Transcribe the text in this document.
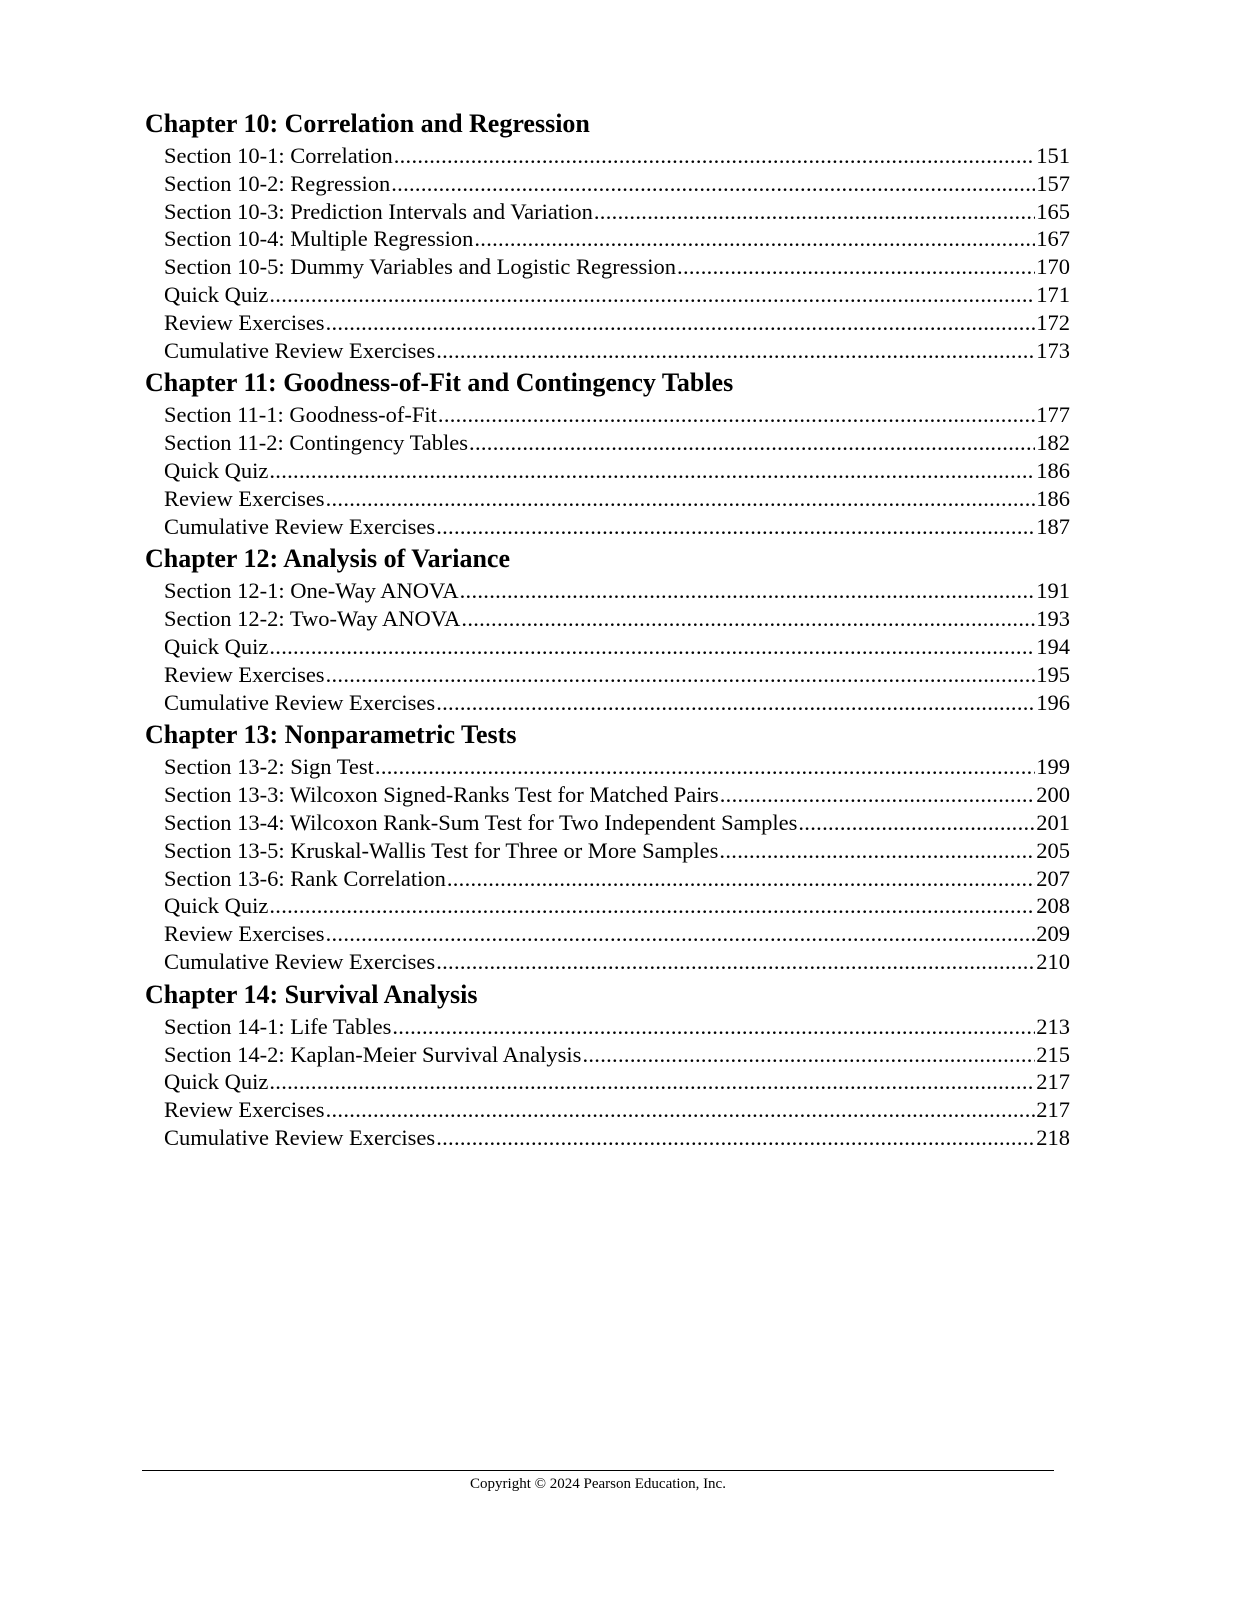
Chapter 10: Correlation and Regression
Section 10-1: Correlation .....	151
Section 10-2: Regression .....	157
Section 10-3: Prediction Intervals and Variation .....	165
Section 10-4: Multiple Regression .....	167
Section 10-5: Dummy Variables and Logistic Regression .....	170
Quick Quiz .....	171
Review Exercises .....	172
Cumulative Review Exercises .....	173
Chapter 11: Goodness-of-Fit and Contingency Tables
Section 11-1: Goodness-of-Fit .....	177
Section 11-2: Contingency Tables .....	182
Quick Quiz .....	186
Review Exercises .....	186
Cumulative Review Exercises .....	187
Chapter 12: Analysis of Variance
Section 12-1: One-Way ANOVA .....	191
Section 12-2: Two-Way ANOVA .....	193
Quick Quiz .....	194
Review Exercises .....	195
Cumulative Review Exercises .....	196
Chapter 13: Nonparametric Tests
Section 13-2: Sign Test .....	199
Section 13-3: Wilcoxon Signed-Ranks Test for Matched Pairs .....	200
Section 13-4: Wilcoxon Rank-Sum Test for Two Independent Samples .....	201
Section 13-5: Kruskal-Wallis Test for Three or More Samples .....	205
Section 13-6: Rank Correlation .....	207
Quick Quiz .....	208
Review Exercises .....	209
Cumulative Review Exercises .....	210
Chapter 14: Survival Analysis
Section 14-1: Life Tables .....	213
Section 14-2: Kaplan-Meier Survival Analysis .....	215
Quick Quiz .....	217
Review Exercises .....	217
Cumulative Review Exercises .....	218
Copyright © 2024 Pearson Education, Inc.
